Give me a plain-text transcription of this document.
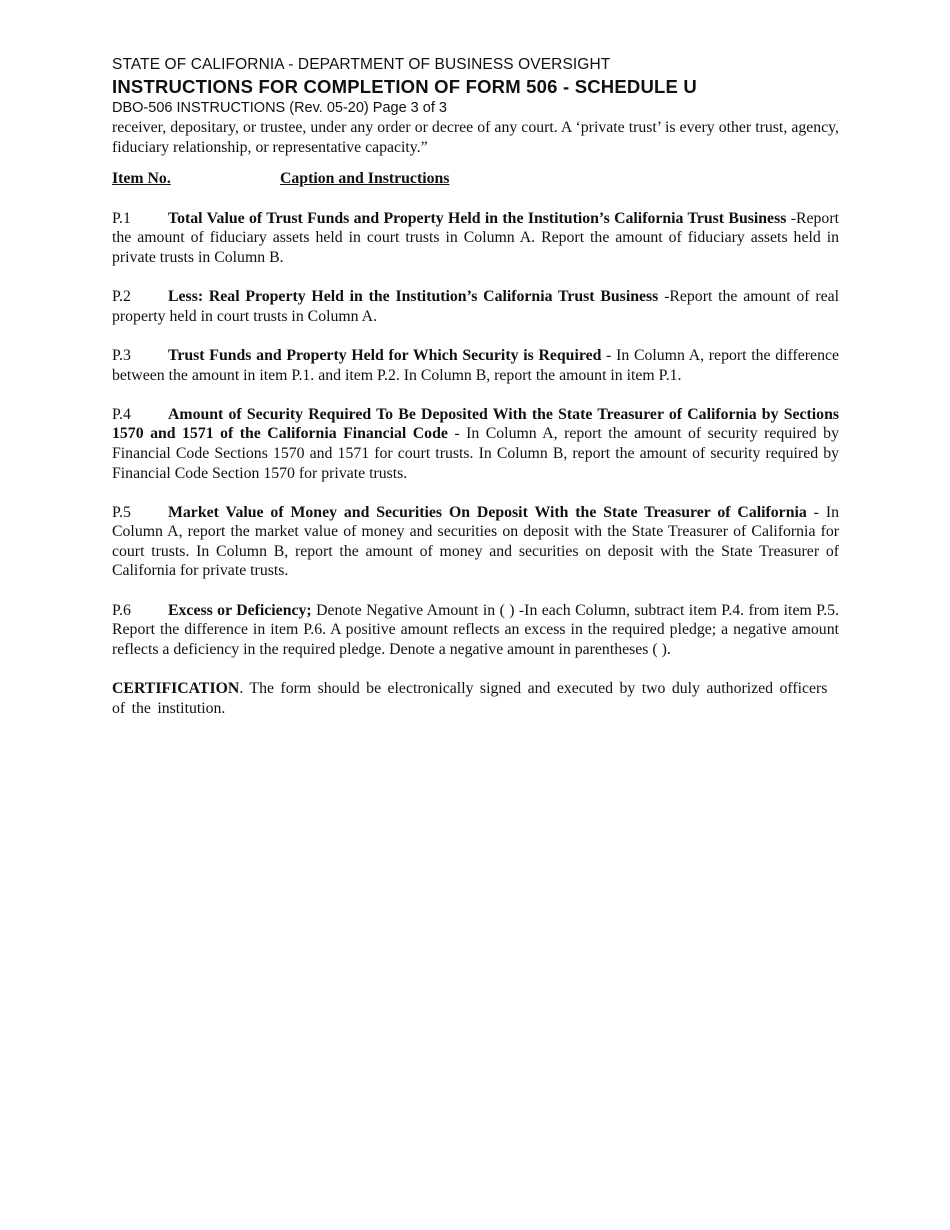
STATE OF CALIFORNIA - DEPARTMENT OF BUSINESS OVERSIGHT
INSTRUCTIONS FOR COMPLETION OF FORM 506 - SCHEDULE U
DBO-506 INSTRUCTIONS (Rev. 05-20) Page 3 of 3
receiver, depositary, or trustee, under any order or decree of any court. A ‘private trust’ is every other trust, agency, fiduciary relationship, or representative capacity.”
Item No.	Caption and Instructions
P.1 Total Value of Trust Funds and Property Held in the Institution’s California Trust Business -Report the amount of fiduciary assets held in court trusts in Column A. Report the amount of fiduciary assets held in private trusts in Column B.
P.2 Less: Real Property Held in the Institution’s California Trust Business -Report the amount of real property held in court trusts in Column A.
P.3 Trust Funds and Property Held for Which Security is Required - In Column A, report the difference between the amount in item P.1. and item P.2. In Column B, report the amount in item P.1.
P.4 Amount of Security Required To Be Deposited With the State Treasurer of California by Sections 1570 and 1571 of the California Financial Code - In Column A, report the amount of security required by Financial Code Sections 1570 and 1571 for court trusts. In Column B, report the amount of security required by Financial Code Section 1570 for private trusts.
P.5 Market Value of Money and Securities On Deposit With the State Treasurer of California - In Column A, report the market value of money and securities on deposit with the State Treasurer of California for court trusts. In Column B, report the amount of money and securities on deposit with the State Treasurer of California for private trusts.
P.6 Excess or Deficiency; Denote Negative Amount in ( ) -In each Column, subtract item P.4. from item P.5. Report the difference in item P.6. A positive amount reflects an excess in the required pledge; a negative amount reflects a deficiency in the required pledge. Denote a negative amount in parentheses ( ).
CERTIFICATION. The form should be electronically signed and executed by two duly authorized officers of the institution.
